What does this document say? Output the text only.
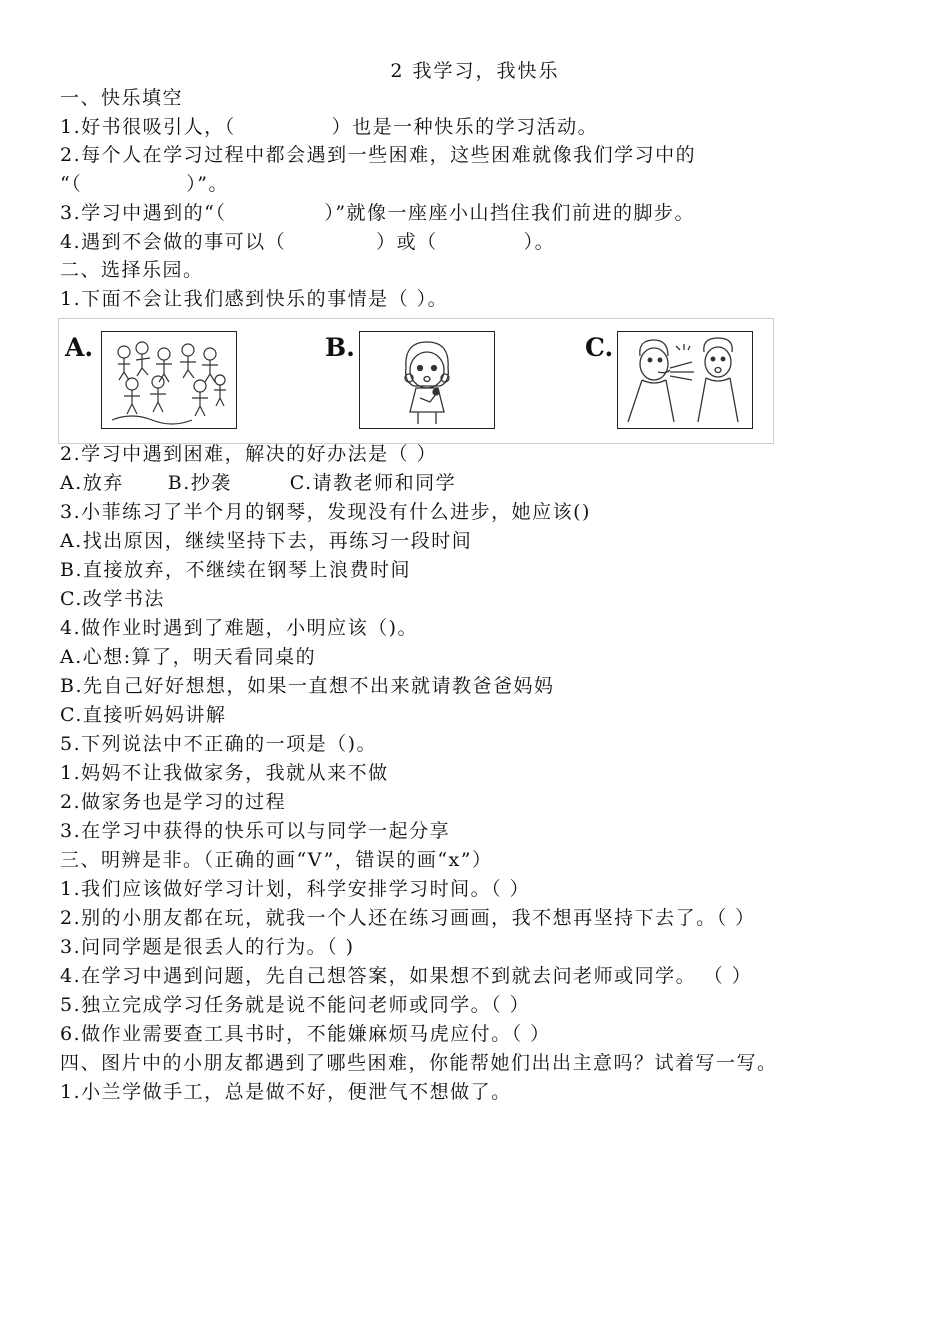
2 我学习，我快乐
一、快乐填空
1.好书很吸引人，（	）也是一种快乐的学习活动。
2.每个人在学习过程中都会遇到一些困难，这些困难就像我们学习中的
“（	）”。
3.学习中遇到的“（	）”就像一座座小山挡住我们前进的脚步。
4.遇到不会做的事可以（	）或（	）。
二、选择乐园。
1.下面不会让我们感到快乐的事情是（ ）。
A.	B.	C.
2.学习中遇到困难，解决的好办法是（ ）
A.放弃 B.抄袭	C.请教老师和同学
3.小菲练习了半个月的钢琴，发现没有什么进步，她应该()
A.找出原因，继续坚持下去，再练习一段时间
B.直接放弃，不继续在钢琴上浪费时间
C.改学书法
4.做作业时遇到了难题，小明应该（)。
A.心想:算了，明天看同桌的
B.先自己好好想想，如果一直想不出来就请教爸爸妈妈
C.直接听妈妈讲解
5.下列说法中不正确的一项是（)。
1.妈妈不让我做家务，我就从来不做
2.做家务也是学习的过程
3.在学习中获得的快乐可以与同学一起分享
三、明辨是非。（正确的画“V”，错误的画“x”）
1.我们应该做好学习计划，科学安排学习时间。（ ）
2.别的小朋友都在玩，就我一个人还在练习画画，我不想再坚持下去了。（ ）
3.问同学题是很丢人的行为。（ )
4.在学习中遇到问题，先自己想答案，如果想不到就去问老师或同学。 （ ）
5.独立完成学习任务就是说不能问老师或同学。（ ）
6.做作业需要查工具书时，不能嫌麻烦马虎应付。（ ）
四、图片中的小朋友都遇到了哪些困难，你能帮她们出出主意吗？试着写一写。
1.小兰学做手工，总是做不好，便泄气不想做了。
